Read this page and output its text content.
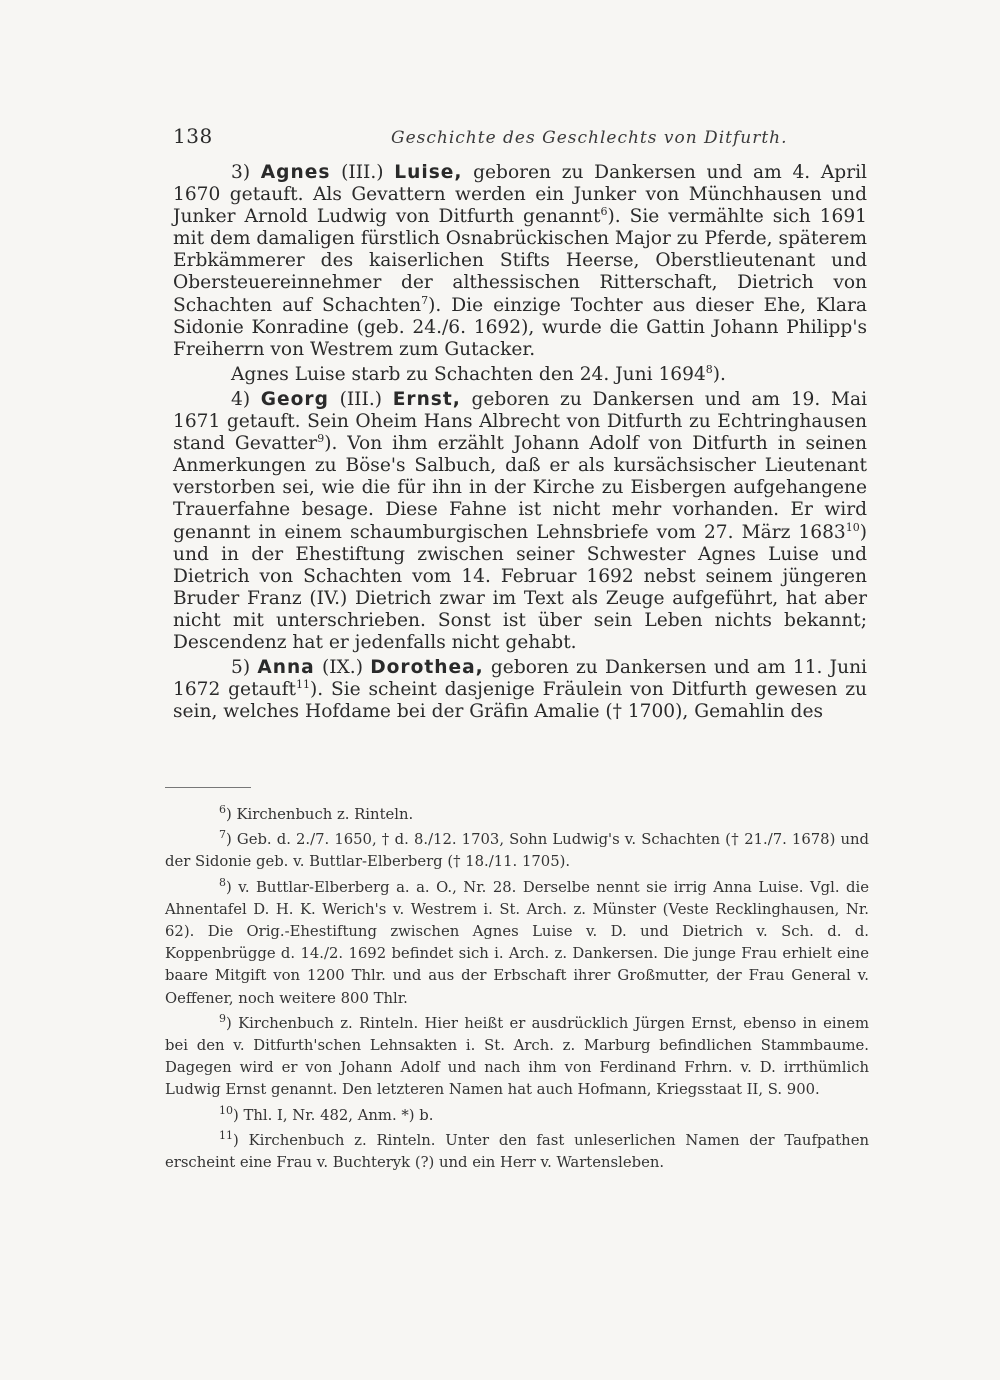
138	Geschichte des Geschlechts von Ditfurth.

3) Agnes (III.) Luise, geboren zu Dankersen und am 4. April 1670 getauft. Als Gevattern werden ein Junker von Münchhausen und Junker Arnold Ludwig von Ditfurth genannt$^6$). Sie vermählte sich 1691 mit dem damaligen fürstlich Osnabrückischen Major zu Pferde, späterem Erbkämmerer des kaiserlichen Stifts Heerse, Oberstlieutenant und Obersteuereinnehmer der althessischen Ritterschaft, Dietrich von Schachten auf Schachten$^7$). Die einzige Tochter aus dieser Ehe, Klara Sidonie Konradine (geb. 24./6. 1692), wurde die Gattin Johann Philipp's Freiherrn von Westrem zum Gutacker.

Agnes Luise starb zu Schachten den 24. Juni 1694$^8$).

4) Georg (III.) Ernst, geboren zu Dankersen und am 19. Mai 1671 getauft. Sein Oheim Hans Albrecht von Ditfurth zu Echtringhausen stand Gevatter$^9$). Von ihm erzählt Johann Adolf von Ditfurth in seinen Anmerkungen zu Böse's Salbuch, daß er als kursächsischer Lieutenant verstorben sei, wie die für ihn in der Kirche zu Eisbergen aufgehangene Trauerfahne besage. Diese Fahne ist nicht mehr vorhanden. Er wird genannt in einem schaumburgischen Lehnsbriefe vom 27. März 1683$^{10}$) und in der Ehestiftung zwischen seiner Schwester Agnes Luise und Dietrich von Schachten vom 14. Februar 1692 nebst seinem jüngeren Bruder Franz (IV.) Dietrich zwar im Text als Zeuge aufgeführt, hat aber nicht mit unterschrieben. Sonst ist über sein Leben nichts bekannt; Descendenz hat er jedenfalls nicht gehabt.

5) Anna (IX.) Dorothea, geboren zu Dankersen und am 11. Juni 1672 getauft$^{11}$). Sie scheint dasjenige Fräulein von Ditfurth gewesen zu sein, welches Hofdame bei der Gräfin Amalie († 1700), Gemahlin des

$^6$) Kirchenbuch z. Rinteln.

$^7$) Geb. d. 2./7. 1650, † d. 8./12. 1703, Sohn Ludwig's v. Schachten († 21./7. 1678) und der Sidonie geb. v. Buttlar-Elberberg († 18./11. 1705).

$^8$) v. Buttlar-Elberberg a. a. O., Nr. 28. Derselbe nennt sie irrig Anna Luise. Vgl. die Ahnentafel D. H. K. Werich's v. Westrem i. St. Arch. z. Münster (Veste Recklinghausen, Nr. 62). Die Orig.-Ehestiftung zwischen Agnes Luise v. D. und Dietrich v. Sch. d. d. Koppenbrügge d. 14./2. 1692 befindet sich i. Arch. z. Dankersen. Die junge Frau erhielt eine baare Mitgift von 1200 Thlr. und aus der Erbschaft ihrer Großmutter, der Frau General v. Oeffener, noch weitere 800 Thlr.

$^9$) Kirchenbuch z. Rinteln. Hier heißt er ausdrücklich Jürgen Ernst, ebenso in einem bei den v. Ditfurth'schen Lehnsakten i. St. Arch. z. Marburg befindlichen Stammbaume. Dagegen wird er von Johann Adolf und nach ihm von Ferdinand Frhrn. v. D. irrthümlich Ludwig Ernst genannt. Den letzteren Namen hat auch Hofmann, Kriegsstaat II, S. 900.

$^{10}$) Thl. I, Nr. 482, Anm. *) b.

$^{11}$) Kirchenbuch z. Rinteln. Unter den fast unleserlichen Namen der Taufpathen erscheint eine Frau v. Buchteryk (?) und ein Herr v. Wartensleben.
